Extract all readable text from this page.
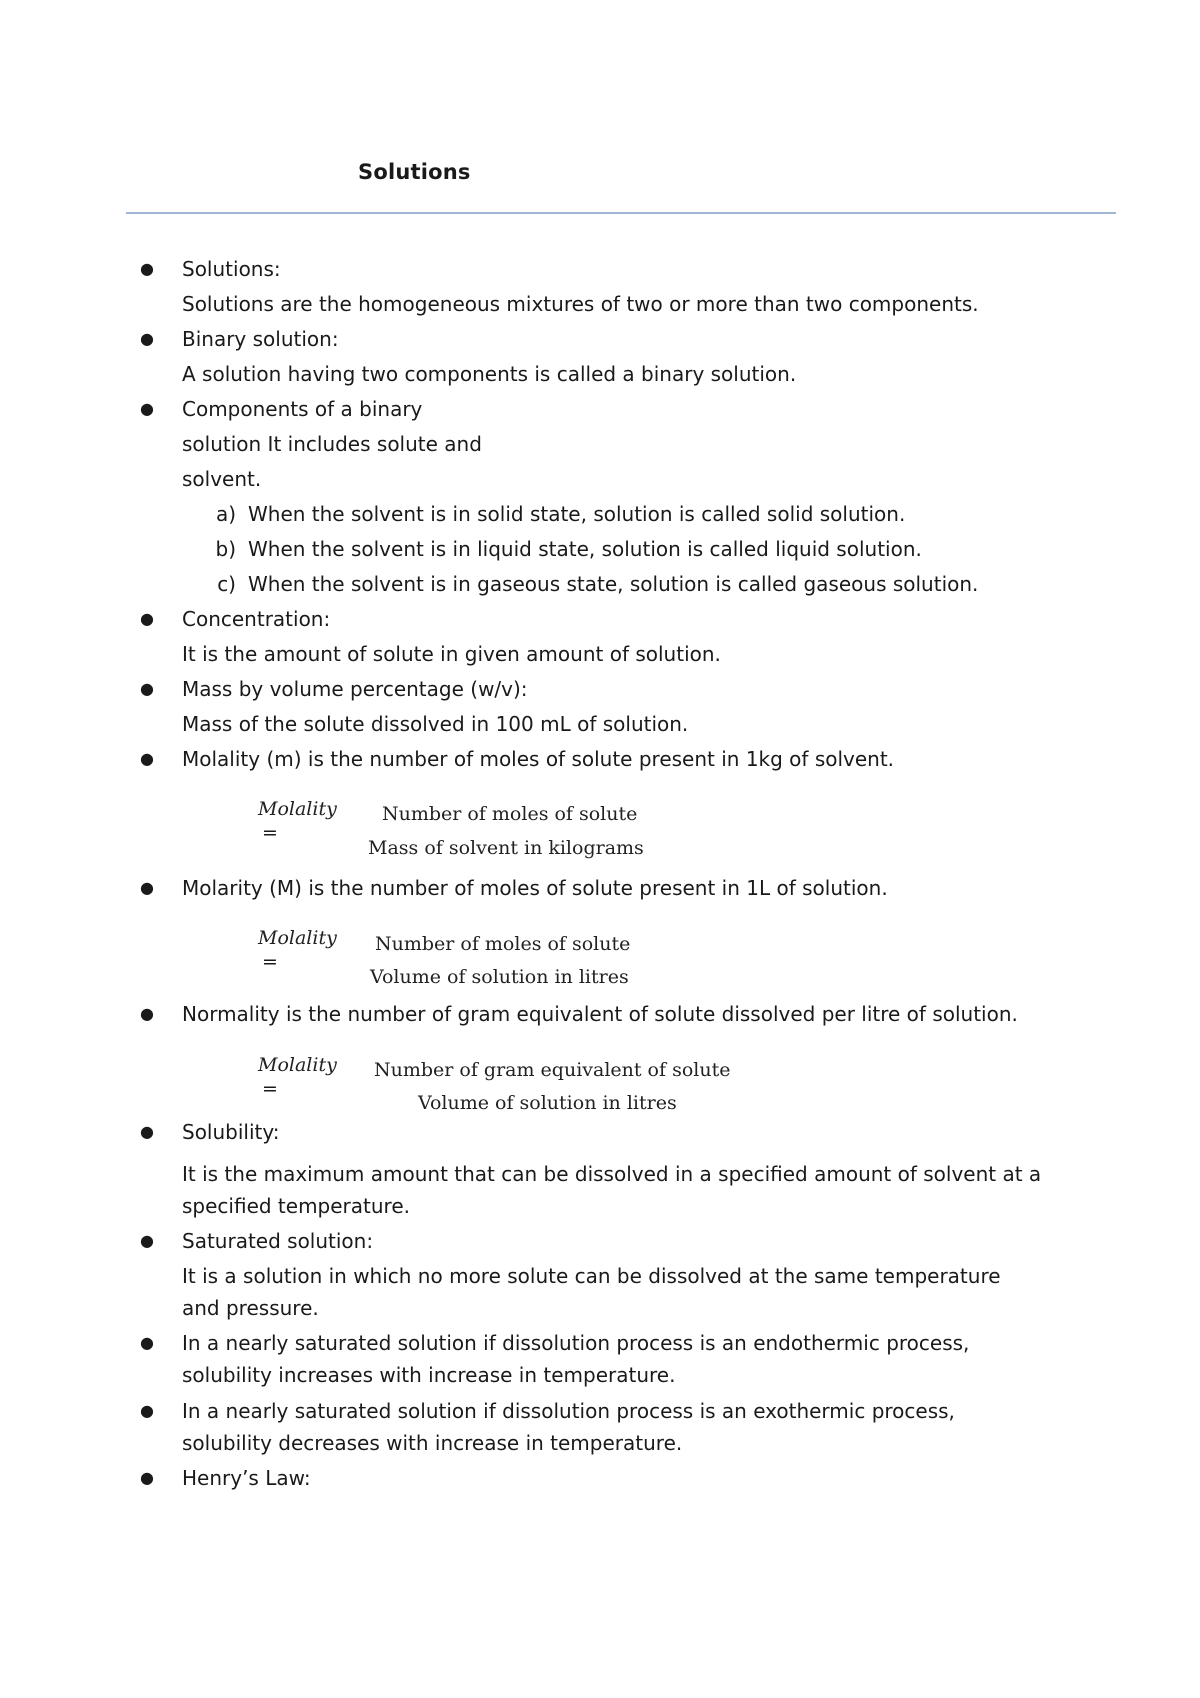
Solutions
● Solutions:
Solutions are the homogeneous mixtures of two or more than two components.
● Binary solution:
A solution having two components is called a binary solution.
● Components of a binary
solution It includes solute and
solvent.
a) When the solvent is in solid state, solution is called solid solution.
b) When the solvent is in liquid state, solution is called liquid solution.
c) When the solvent is in gaseous state, solution is called gaseous solution.
● Concentration:
It is the amount of solute in given amount of solution.
● Mass by volume percentage (w/v):
Mass of the solute dissolved in 100 mL of solution.
● Molality (m) is the number of moles of solute present in 1kg of solvent.
Molality
=
Number of moles of solute
Mass of solvent in kilograms
● Molarity (M) is the number of moles of solute present in 1L of solution.
Molality
=
Number of moles of solute
Volume of solution in litres
● Normality is the number of gram equivalent of solute dissolved per litre of solution.
Molality
=
Number of gram equivalent of solute
Volume of solution in litres
● Solubility:
It is the maximum amount that can be dissolved in a specified amount of solvent at a
specified temperature.
● Saturated solution:
It is a solution in which no more solute can be dissolved at the same temperature
and pressure.
● In a nearly saturated solution if dissolution process is an endothermic process,
solubility increases with increase in temperature.
● In a nearly saturated solution if dissolution process is an exothermic process,
solubility decreases with increase in temperature.
● Henry’s Law:
